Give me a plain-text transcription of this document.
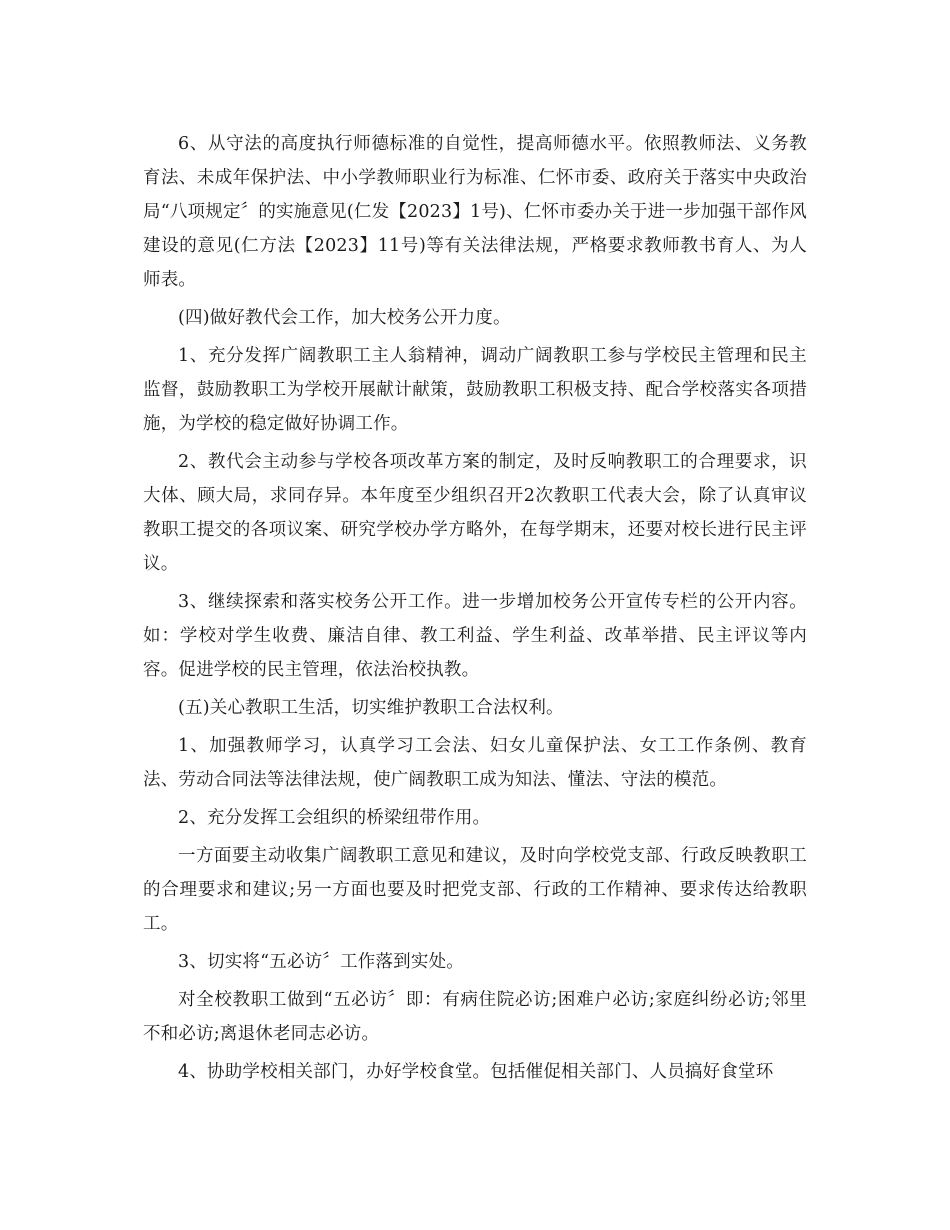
6、从守法的高度执行师德标准的自觉性，提高师德水平。依照教师法、义务教育法、未成年保护法、中小学教师职业行为标准、仁怀市委、政府关于落实中央政治局“八项规定〞的实施意见(仁发【2023】1号)、仁怀市委办关于进一步加强干部作风建设的意见(仁方法【2023】11号)等有关法律法规，严格要求教师教书育人、为人师表。

(四)做好教代会工作，加大校务公开力度。

1、充分发挥广阔教职工主人翁精神，调动广阔教职工参与学校民主管理和民主监督，鼓励教职工为学校开展献计献策，鼓励教职工积极支持、配合学校落实各项措施，为学校的稳定做好协调工作。

2、教代会主动参与学校各项改革方案的制定，及时反响教职工的合理要求，识大体、顾大局，求同存异。本年度至少组织召开2次教职工代表大会，除了认真审议教职工提交的各项议案、研究学校办学方略外，在每学期末，还要对校长进行民主评议。

3、继续探索和落实校务公开工作。进一步增加校务公开宣传专栏的公开内容。如：学校对学生收费、廉洁自律、教工利益、学生利益、改革举措、民主评议等内容。促进学校的民主管理，依法治校执教。

(五)关心教职工生活，切实维护教职工合法权利。

1、加强教师学习，认真学习工会法、妇女儿童保护法、女工工作条例、教育法、劳动合同法等法律法规，使广阔教职工成为知法、懂法、守法的模范。

2、充分发挥工会组织的桥梁纽带作用。

一方面要主动收集广阔教职工意见和建议，及时向学校党支部、行政反映教职工的合理要求和建议;另一方面也要及时把党支部、行政的工作精神、要求传达给教职工。

3、切实将“五必访〞工作落到实处。

对全校教职工做到“五必访〞即：有病住院必访;困难户必访;家庭纠纷必访;邻里不和必访;离退休老同志必访。

4、协助学校相关部门，办好学校食堂。包括催促相关部门、人员搞好食堂环
